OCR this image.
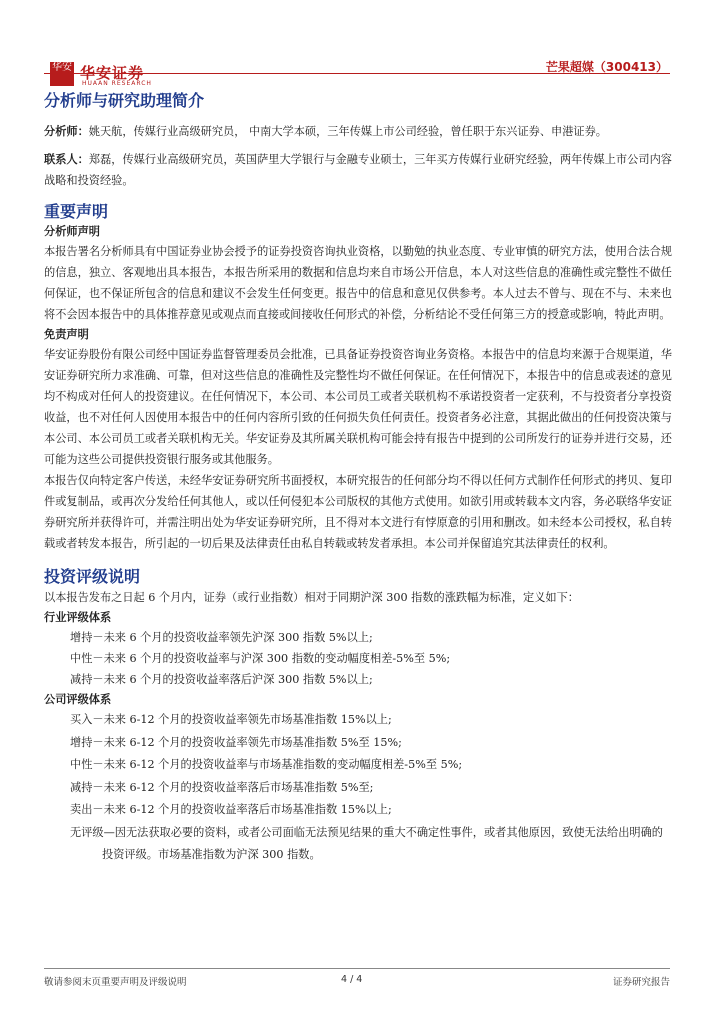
华安 华安证券
HUAAN RESEARCH
芒果超媒（300413）
分析师与研究助理简介

分析师：姚天航，传媒行业高级研究员， 中南大学本硕，三年传媒上市公司经验，曾任职于东兴证券、申港证券。

联系人：郑磊，传媒行业高级研究员，英国萨里大学银行与金融专业硕士，三年买方传媒行业研究经验，两年传媒上市公司内容战略和投资经验。

重要声明
分析师声明

本报告署名分析师具有中国证券业协会授予的证券投资咨询执业资格，以勤勉的执业态度、专业审慎的研究方法，使用合法合规的信息，独立、客观地出具本报告，本报告所采用的数据和信息均来自市场公开信息，本人对这些信息的准确性或完整性不做任何保证，也不保证所包含的信息和建议不会发生任何变更。报告中的信息和意见仅供参考。本人过去不曾与、现在不与、未来也将不会因本报告中的具体推荐意见或观点而直接或间接收任何形式的补偿，分析结论不受任何第三方的授意或影响，特此声明。

免责声明

华安证券股份有限公司经中国证券监督管理委员会批准，已具备证券投资咨询业务资格。本报告中的信息均来源于合规渠道，华安证券研究所力求准确、可靠，但对这些信息的准确性及完整性均不做任何保证。在任何情况下，本报告中的信息或表述的意见均不构成对任何人的投资建议。在任何情况下，本公司、本公司员工或者关联机构不承诺投资者一定获利，不与投资者分享投资收益，也不对任何人因使用本报告中的任何内容所引致的任何损失负任何责任。投资者务必注意，其据此做出的任何投资决策与本公司、本公司员工或者关联机构无关。华安证券及其所属关联机构可能会持有报告中提到的公司所发行的证券并进行交易，还可能为这些公司提供投资银行服务或其他服务。

本报告仅向特定客户传送，未经华安证券研究所书面授权，本研究报告的任何部分均不得以任何方式制作任何形式的拷贝、复印件或复制品，或再次分发给任何其他人，或以任何侵犯本公司版权的其他方式使用。如欲引用或转载本文内容，务必联络华安证券研究所并获得许可，并需注明出处为华安证券研究所，且不得对本文进行有悖原意的引用和删改。如未经本公司授权，私自转载或者转发本报告，所引起的一切后果及法律责任由私自转载或转发者承担。本公司并保留追究其法律责任的权利。

投资评级说明

以本报告发布之日起 6 个月内，证券（或行业指数）相对于同期沪深 300 指数的涨跌幅为标准，定义如下：

行业评级体系
增持－未来 6 个月的投资收益率领先沪深 300 指数 5%以上;
中性－未来 6 个月的投资收益率与沪深 300 指数的变动幅度相差-5%至 5%;
减持－未来 6 个月的投资收益率落后沪深 300 指数 5%以上;
公司评级体系
买入－未来 6-12 个月的投资收益率领先市场基准指数 15%以上;
增持－未来 6-12 个月的投资收益率领先市场基准指数 5%至 15%;
中性－未来 6-12 个月的投资收益率与市场基准指数的变动幅度相差-5%至 5%;
减持－未来 6-12 个月的投资收益率落后市场基准指数 5%至;
卖出－未来 6-12 个月的投资收益率落后市场基准指数 15%以上;
无评级—因无法获取必要的资料，或者公司面临无法预见结果的重大不确定性事件，或者其他原因，致使无法给出明确的投资评级。市场基准指数为沪深 300 指数。
敬请参阅末页重要声明及评级说明	4 / 4	证券研究报告
